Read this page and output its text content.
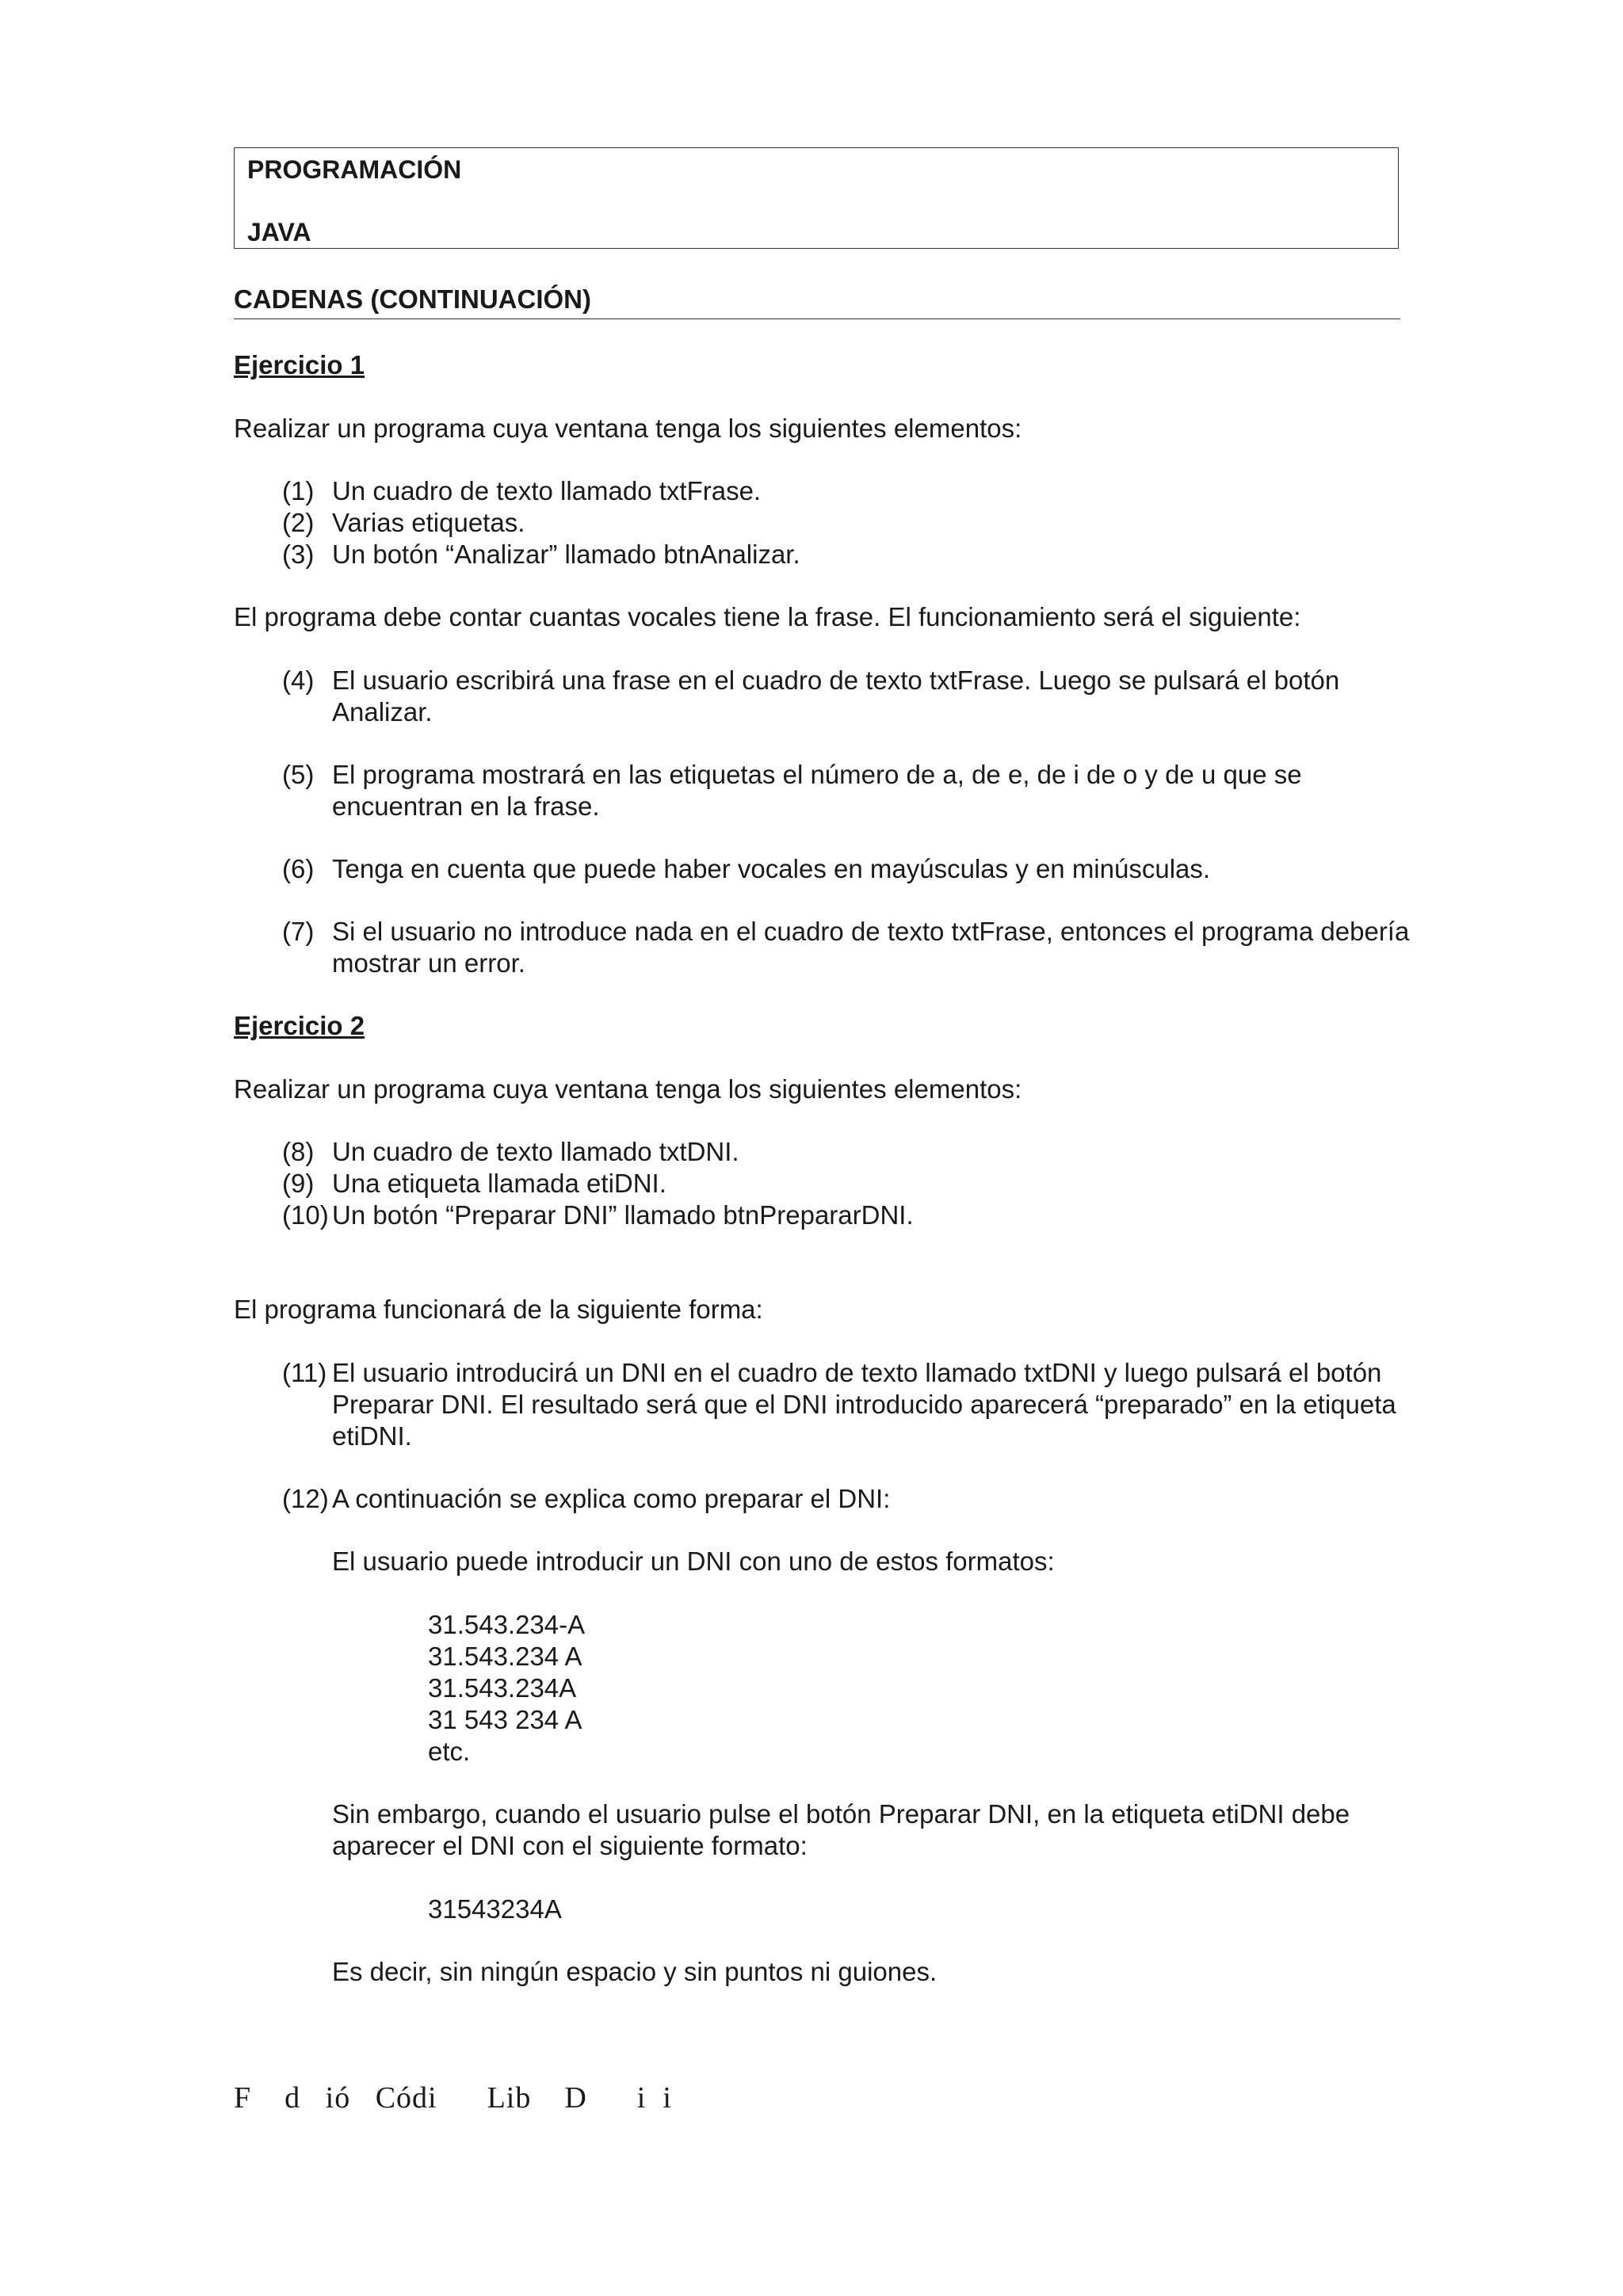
PROGRAMACIÓN
JAVA
CADENAS (CONTINUACIÓN)
Ejercicio 1
Realizar un programa cuya ventana tenga los siguientes elementos:
(1) Un cuadro de texto llamado txtFrase.
(2) Varias etiquetas.
(3) Un botón “Analizar” llamado btnAnalizar.
El programa debe contar cuantas vocales tiene la frase. El funcionamiento será el siguiente:
(4) El usuario escribirá una frase en el cuadro de texto txtFrase. Luego se pulsará el botón Analizar.
(5) El programa mostrará en las etiquetas el número de a, de e, de i de o y de u que se encuentran en la frase.
(6) Tenga en cuenta que puede haber vocales en mayúsculas y en minúsculas.
(7) Si el usuario no introduce nada en el cuadro de texto txtFrase, entonces el programa debería mostrar un error.
Ejercicio 2
Realizar un programa cuya ventana tenga los siguientes elementos:
(8) Un cuadro de texto llamado txtDNI.
(9) Una etiqueta llamada etiDNI.
(10) Un botón “Preparar DNI” llamado btnPrepararDNI.
El programa funcionará de la siguiente forma:
(11) El usuario introducirá un DNI en el cuadro de texto llamado txtDNI y luego pulsará el botón Preparar DNI. El resultado será que el DNI introducido aparecerá “preparado” en la etiqueta etiDNI.
(12) A continuación se explica como preparar el DNI:
El usuario puede introducir un DNI con uno de estos formatos:
31.543.234-A
31.543.234 A
31.543.234A
31 543 234 A
etc.
Sin embargo, cuando el usuario pulse el botón Preparar DNI, en la etiqueta etiDNI debe
aparecer el DNI con el siguiente formato:
31543234A
Es decir, sin ningún espacio y sin puntos ni guiones.
F    d   ió   Códi      Lib    D      i  i
